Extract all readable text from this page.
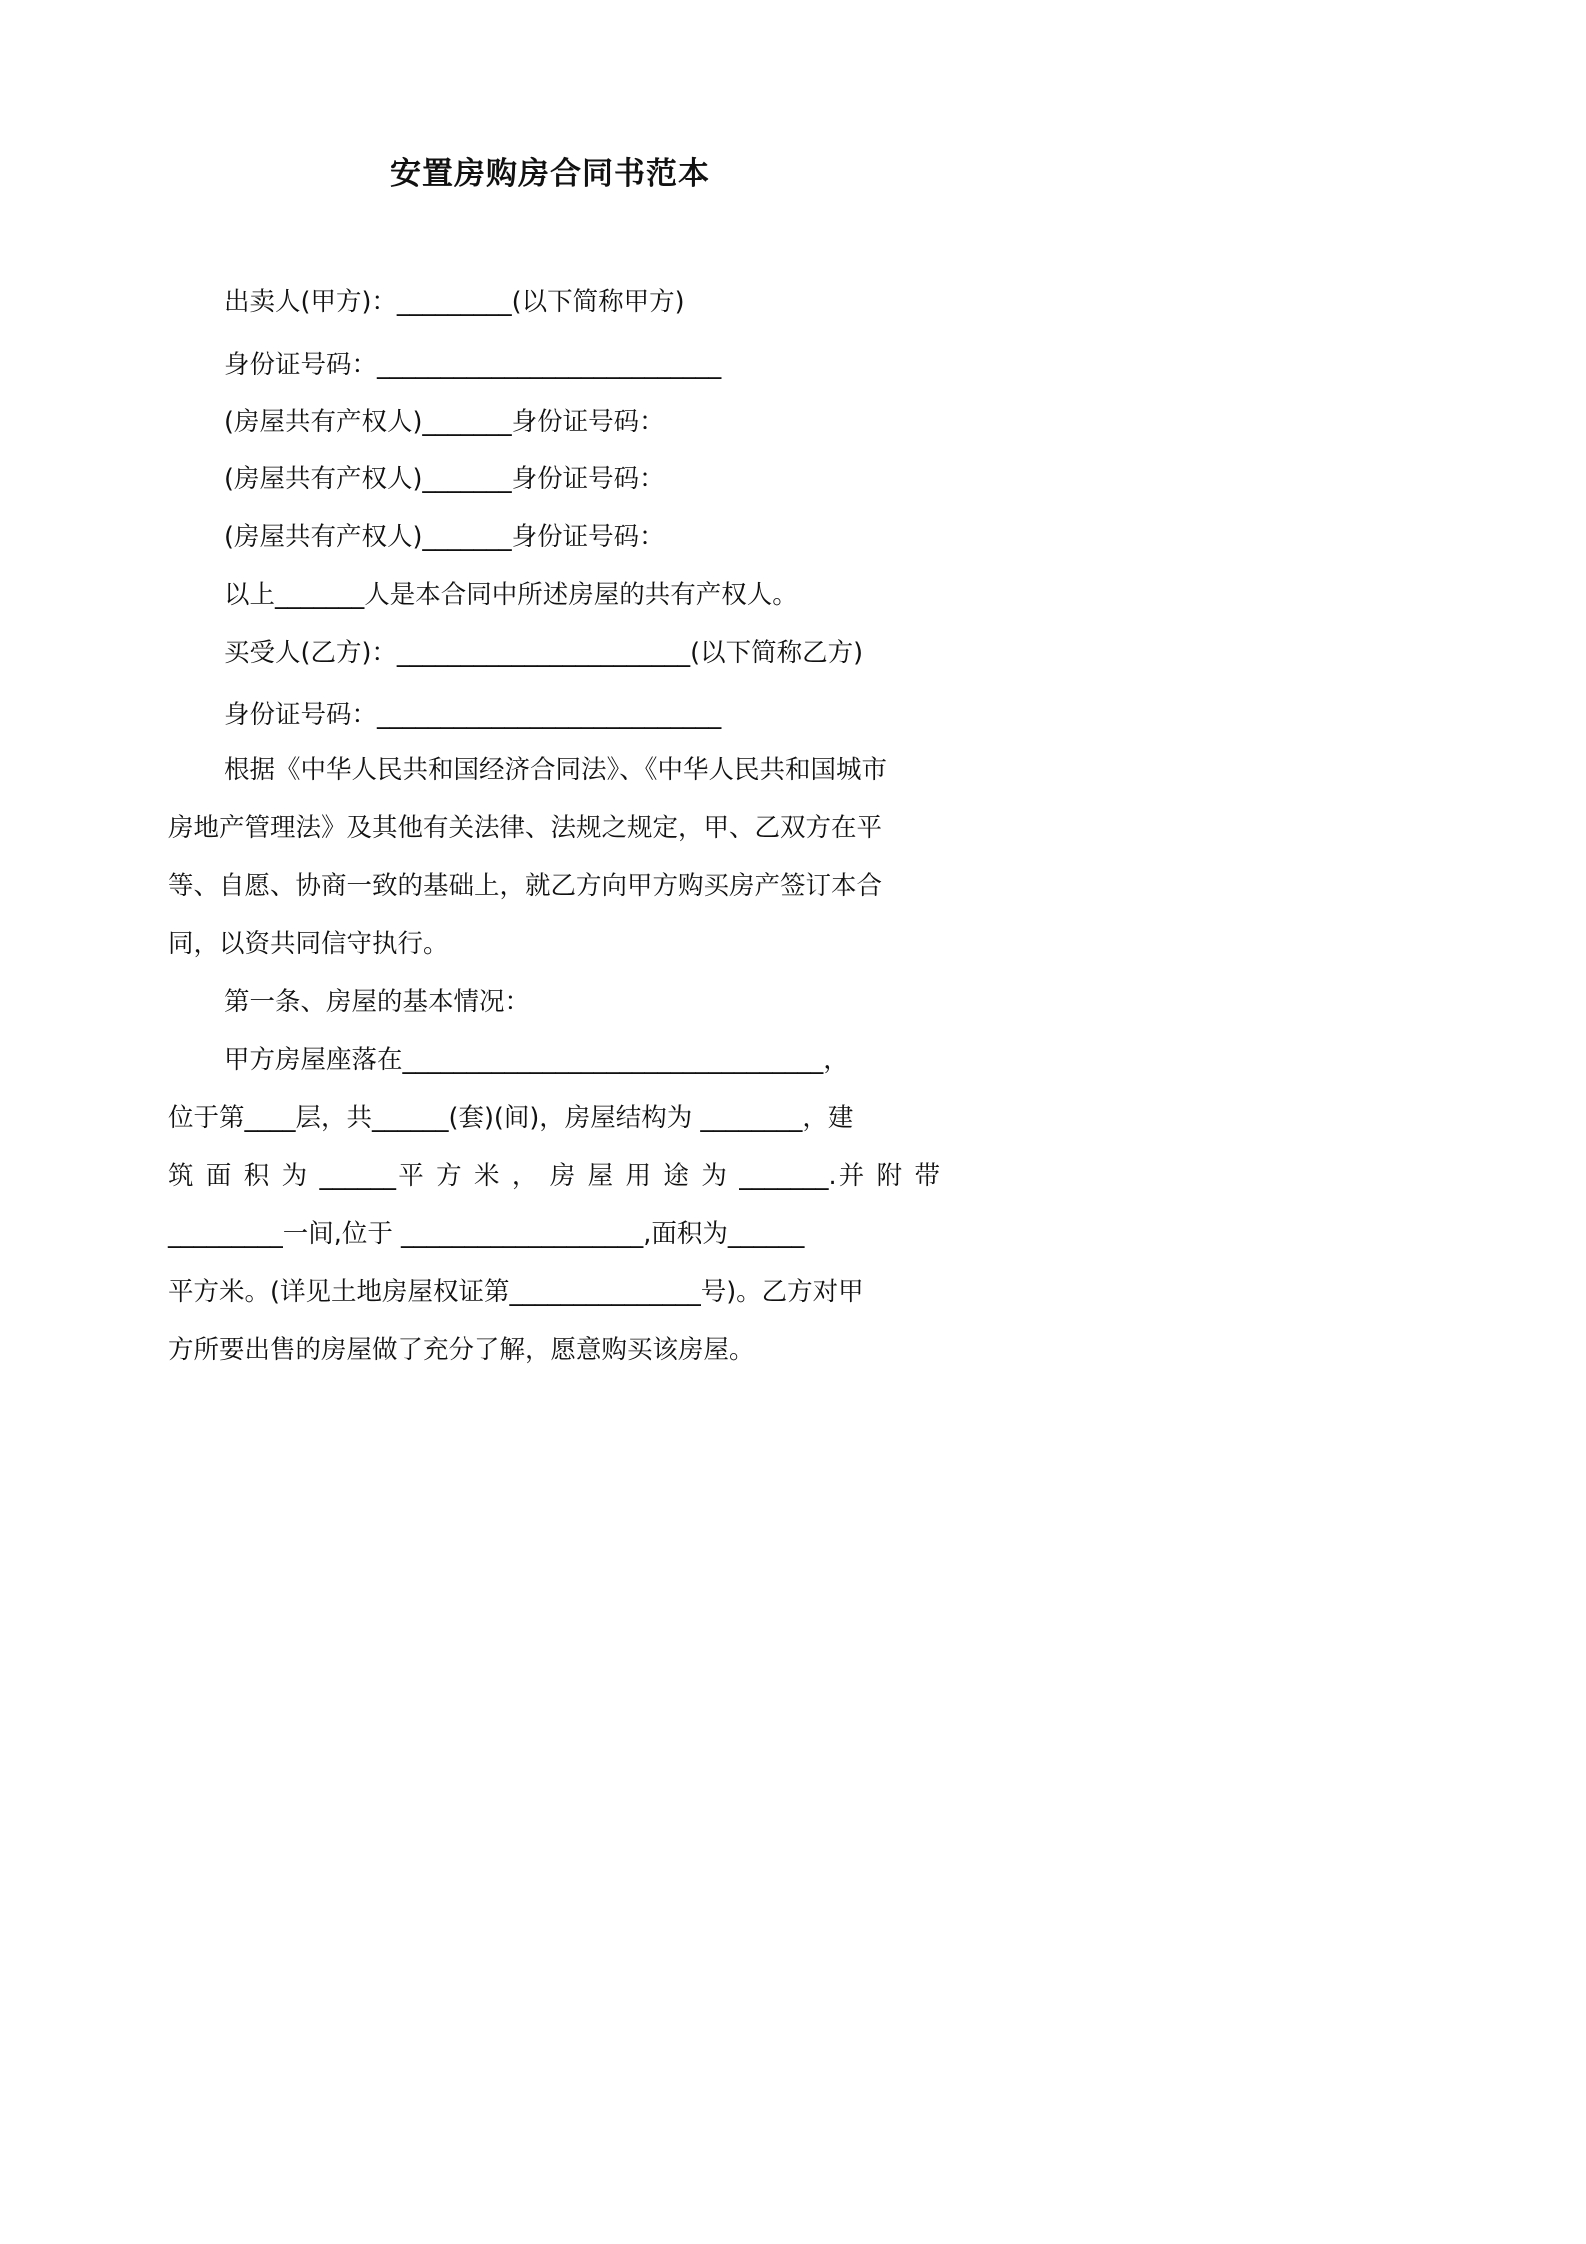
安置房购房合同书范本
出卖人(甲方)：_________(以下简称甲方)
身份证号码：___________________________
(房屋共有产权人)_______身份证号码：
(房屋共有产权人)_______身份证号码：
(房屋共有产权人)_______身份证号码：
以上_______人是本合同中所述房屋的共有产权人。
买受人(乙方)：_______________________(以下简称乙方)
身份证号码：___________________________
根据《中华人民共和国经济合同法》、《中华人民共和国城市
房地产管理法》及其他有关法律、法规之规定，甲、乙双方在平
等、自愿、协商一致的基础上，就乙方向甲方购买房产签订本合
同，以资共同信守执行。
第一条、房屋的基本情况：
甲方房屋座落在_________________________________，
位于第____层，共______(套)(间)，房屋结构为 ________，建
筑 面 积 为 ______平 方 米 ， 房 屋 用 途 为 _______.并 附 带
_________一间,位于 ___________________,面积为______
平方米。(详见土地房屋权证第_______________号)。乙方对甲
方所要出售的房屋做了充分了解，愿意购买该房屋。
